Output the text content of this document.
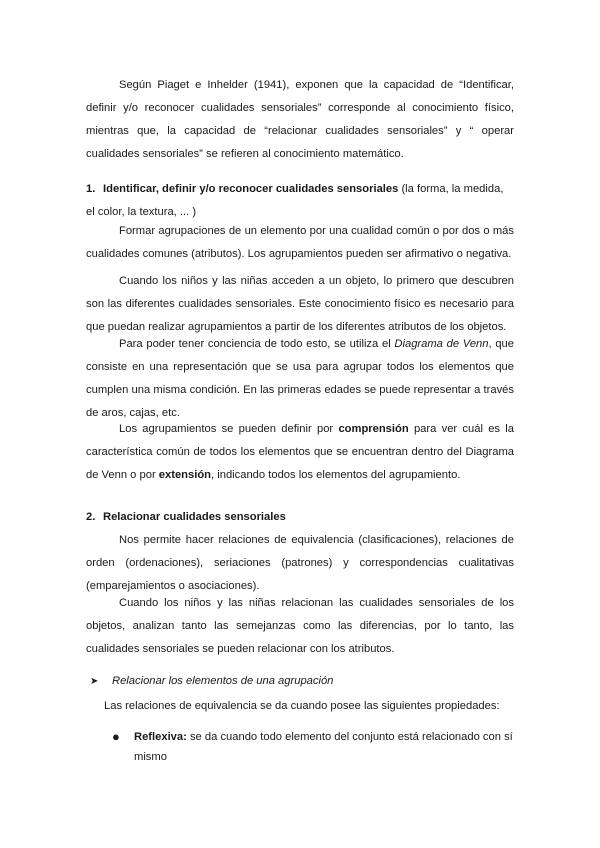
Según Piaget e Inhelder (1941), exponen que la capacidad de “Identificar, definir y/o reconocer cualidades sensoriales” corresponde al conocimiento físico, mientras que, la capacidad de “relacionar cualidades sensoriales” y “ operar cualidades sensoriales” se refieren al conocimiento matemático.

1. Identificar, definir y/o reconocer cualidades sensoriales (la forma, la medida, el color, la textura, ... )

Formar agrupaciones de un elemento por una cualidad común o por dos o más cualidades comunes (atributos). Los agrupamientos pueden ser afirmativo o negativa.

Cuando los niños y las niñas acceden a un objeto, lo primero que descubren son las diferentes cualidades sensoriales. Este conocimiento físico es necesario para que puedan realizar agrupamientos a partir de los diferentes atributos de los objetos.

Para poder tener conciencia de todo esto, se utiliza el Diagrama de Venn, que consiste en una representación que se usa para agrupar todos los elementos que cumplen una misma condición. En las primeras edades se puede representar a través de aros, cajas, etc.

Los agrupamientos se pueden definir por comprensión para ver cuál es la característica común de todos los elementos que se encuentran dentro del Diagrama de Venn o por extensión, indicando todos los elementos del agrupamiento.

2. Relacionar cualidades sensoriales

Nos permite hacer relaciones de equivalencia (clasificaciones), relaciones de orden (ordenaciones), seriaciones (patrones) y correspondencias cualitativas (emparejamientos o asociaciones).

Cuando los niños y las niñas relacionan las cualidades sensoriales de los objetos, analizan tanto las semejanzas como las diferencias, por lo tanto, las cualidades sensoriales se pueden relacionar con los atributos.

➤ Relacionar los elementos de una agrupación
Las relaciones de equivalencia se da cuando posee las siguientes propiedades:
●	Reflexiva: se da cuando todo elemento del conjunto está relacionado con sí mismo
